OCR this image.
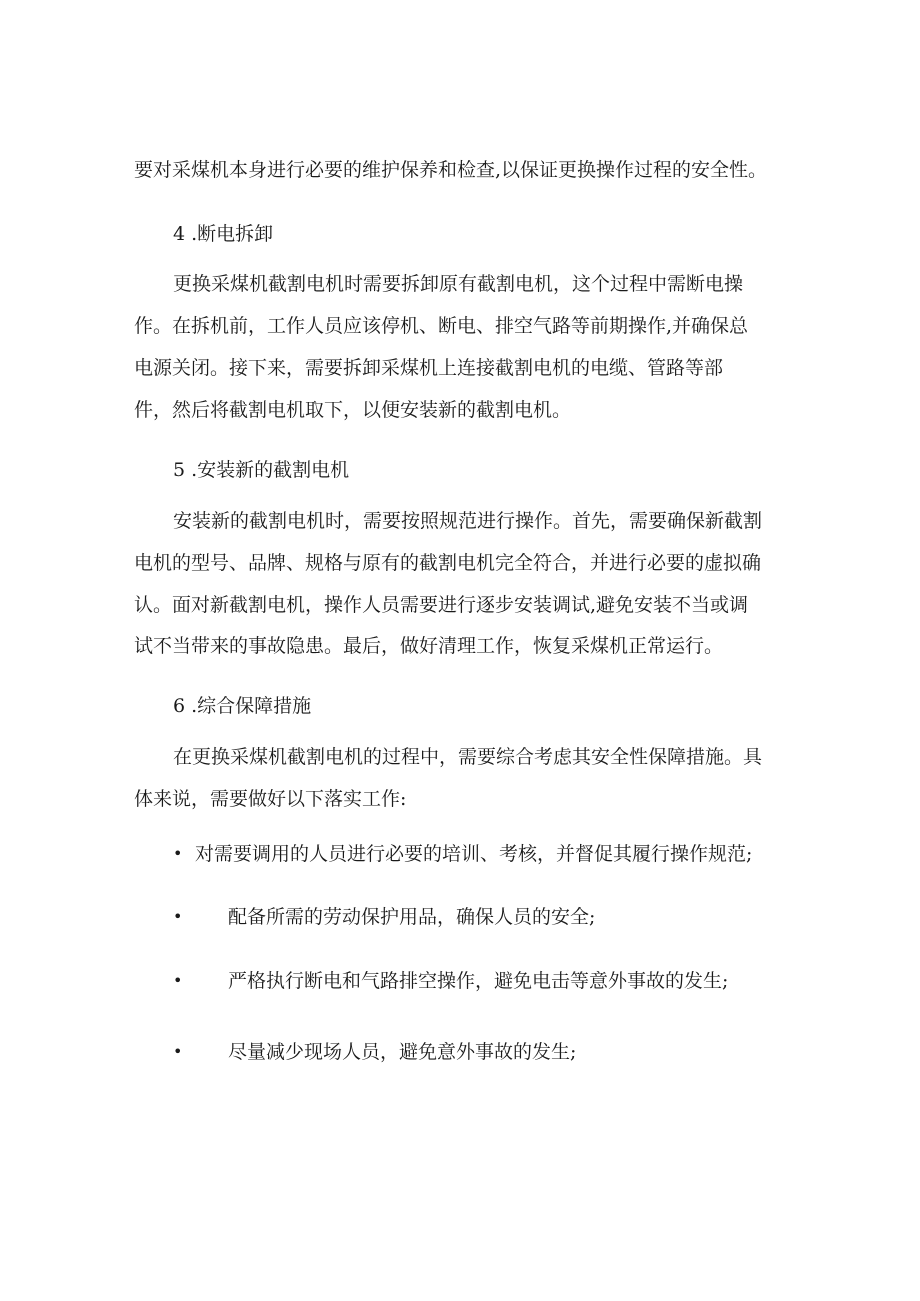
要对采煤机本身进行必要的维护保养和检查,以保证更换操作过程的安全性。

4 .断电拆卸

更换采煤机截割电机时需要拆卸原有截割电机，这个过程中需断电操

作。在拆机前，工作人员应该停机、断电、排空气路等前期操作,并确保总

电源关闭。接下来，需要拆卸采煤机上连接截割电机的电缆、管路等部

件，然后将截割电机取下，以便安装新的截割电机。

5 .安装新的截割电机

安装新的截割电机时，需要按照规范进行操作。首先，需要确保新截割

电机的型号、品牌、规格与原有的截割电机完全符合，并进行必要的虚拟确

认。面对新截割电机，操作人员需要进行逐步安装调试,避免安装不当或调

试不当带来的事故隐患。最后，做好清理工作，恢复采煤机正常运行。

6 .综合保障措施

在更换采煤机截割电机的过程中，需要综合考虑其安全性保障措施。具

体来说，需要做好以下落实工作:

• 对需要调用的人员进行必要的培训、考核，并督促其履行操作规范;

• 配备所需的劳动保护用品，确保人员的安全;

• 严格执行断电和气路排空操作，避免电击等意外事故的发生;

• 尽量减少现场人员，避免意外事故的发生;
